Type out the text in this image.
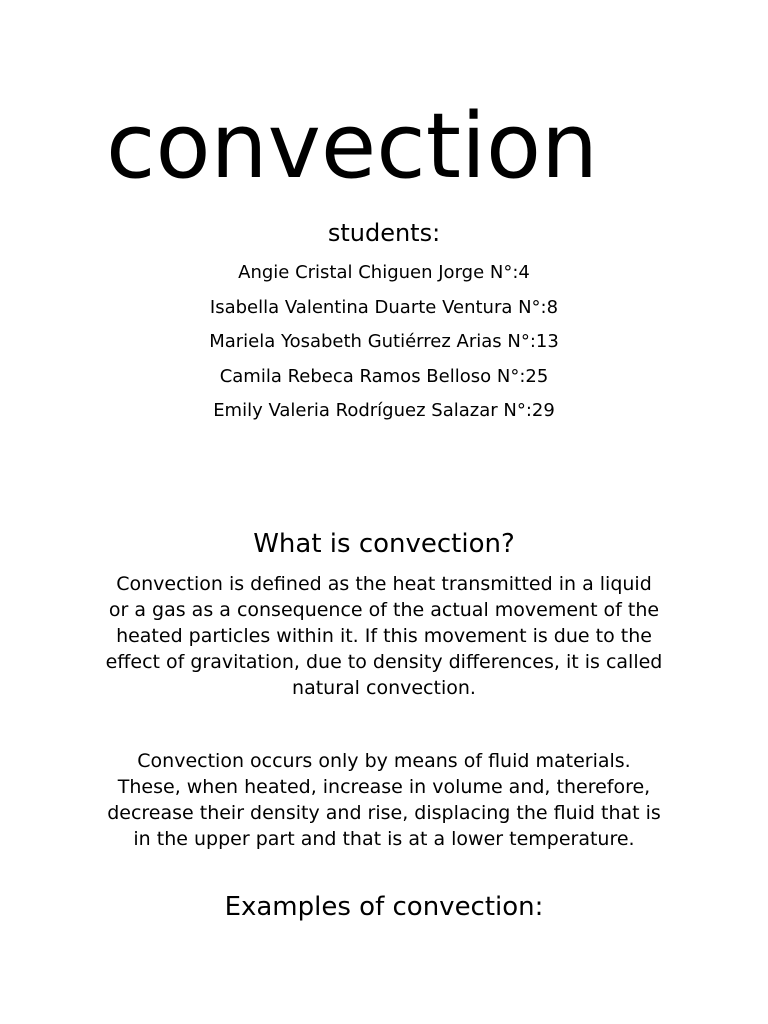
convection
students:
Angie Cristal Chiguen Jorge N°:4
Isabella Valentina Duarte Ventura N°:8
Mariela Yosabeth Gutiérrez Arias N°:13
Camila Rebeca Ramos Belloso N°:25
Emily Valeria Rodríguez Salazar N°:29
What is convection?

Convection is defined as the heat transmitted in a liquid or a gas as a consequence of the actual movement of the heated particles within it. If this movement is due to the effect of gravitation, due to density differences, it is called natural convection.

Convection occurs only by means of fluid materials. These, when heated, increase in volume and, therefore, decrease their density and rise, displacing the fluid that is in the upper part and that is at a lower temperature.

Examples of convection:
